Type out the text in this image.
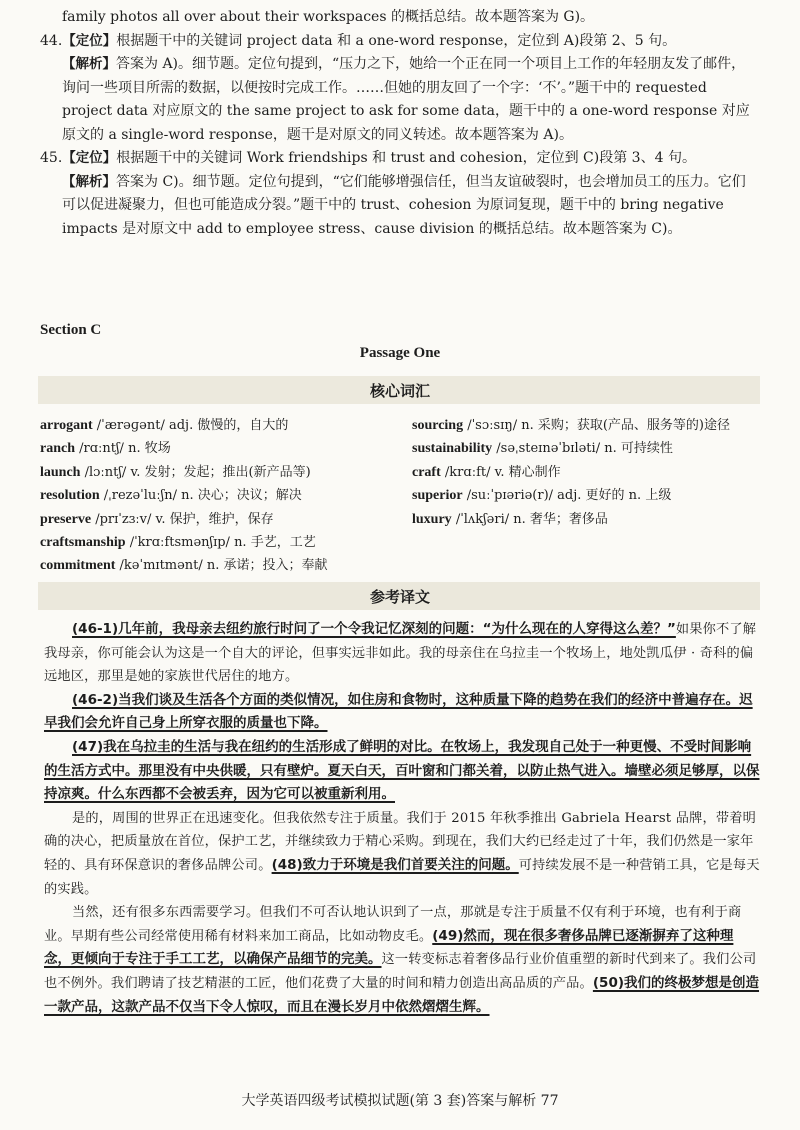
family photos all over about their workspaces 的概括总结。故本题答案为 G)。

44.【定位】根据题干中的关键词 project data 和 a one-word response，定位到 A)段第 2、5 句。

【解析】答案为 A)。细节题。定位句提到，“压力之下，她给一个正在同一个项目上工作的年轻朋友发了邮件，询问一些项目所需的数据，以便按时完成工作。……但她的朋友回了一个字：‘不’。”题干中的 requested project data 对应原文的 the same project to ask for some data，题干中的 a one-word response 对应原文的 a single-word response，题干是对原文的同义转述。故本题答案为 A)。

45.【定位】根据题干中的关键词 Work friendships 和 trust and cohesion，定位到 C)段第 3、4 句。

【解析】答案为 C)。细节题。定位句提到，“它们能够增强信任，但当友谊破裂时，也会增加员工的压力。它们可以促进凝聚力，但也可能造成分裂。”题干中的 trust、cohesion 为原词复现，题干中的 bring negative impacts 是对原文中 add to employee stress、cause division 的概括总结。故本题答案为 C)。

Section C
Passage One
核心词汇
arrogant /ˈærəɡənt/ adj. 傲慢的，自大的
ranch /rɑːntʃ/ n. 牧场
launch /lɔːntʃ/ v. 发射；发起；推出(新产品等)
resolution /ˌrezəˈluːʃn/ n. 决心；决议；解决
preserve /prɪˈzɜːv/ v. 保护，维护，保存
craftsmanship /ˈkrɑːftsmənʃɪp/ n. 手艺，工艺
commitment /kəˈmɪtmənt/ n. 承诺；投入；奉献
sourcing /ˈsɔːsɪŋ/ n. 采购；获取(产品、服务等的)途径
sustainability /səˌsteɪnəˈbɪləti/ n. 可持续性
craft /krɑːft/ v. 精心制作
superior /suːˈpɪəriə(r)/ adj. 更好的 n. 上级
luxury /ˈlʌkʃəri/ n. 奢华；奢侈品
参考译文

(46-1)几年前，我母亲去纽约旅行时问了一个令我记忆深刻的问题：“为什么现在的人穿得这么差？”如果你不了解我母亲，你可能会认为这是一个自大的评论，但事实远非如此。我的母亲住在乌拉圭一个牧场上，地处凯瓜伊 · 奇科的偏远地区，那里是她的家族世代居住的地方。

(46-2)当我们谈及生活各个方面的类似情况，如住房和食物时，这种质量下降的趋势在我们的经济中普遍存在。迟早我们会允许自己身上所穿衣服的质量也下降。

(47)我在乌拉圭的生活与我在纽约的生活形成了鲜明的对比。在牧场上，我发现自己处于一种更慢、不受时间影响的生活方式中。那里没有中央供暖，只有壁炉。夏天白天，百叶窗和门都关着，以防止热气进入。墙壁必须足够厚，以保持凉爽。什么东西都不会被丢弃，因为它可以被重新利用。

是的，周围的世界正在迅速变化。但我依然专注于质量。我们于 2015 年秋季推出 Gabriela Hearst 品牌，带着明确的决心，把质量放在首位，保护工艺，并继续致力于精心采购。到现在，我们大约已经走过了十年，我们仍然是一家年轻的、具有环保意识的奢侈品牌公司。(48)致力于环境是我们首要关注的问题。可持续发展不是一种营销工具，它是每天的实践。

当然，还有很多东西需要学习。但我们不可否认地认识到了一点，那就是专注于质量不仅有利于环境，也有利于商业。早期有些公司经常使用稀有材料来加工商品，比如动物皮毛。(49)然而，现在很多奢侈品牌已逐渐摒弃了这种理念，更倾向于专注于手工工艺，以确保产品细节的完美。这一转变标志着奢侈品行业价值重塑的新时代到来了。我们公司也不例外。我们聘请了技艺精湛的工匠，他们花费了大量的时间和精力创造出高品质的产品。(50)我们的终极梦想是创造一款产品，这款产品不仅当下令人惊叹，而且在漫长岁月中依然熠熠生辉。

大学英语四级考试模拟试题(第 3 套)答案与解析 77
